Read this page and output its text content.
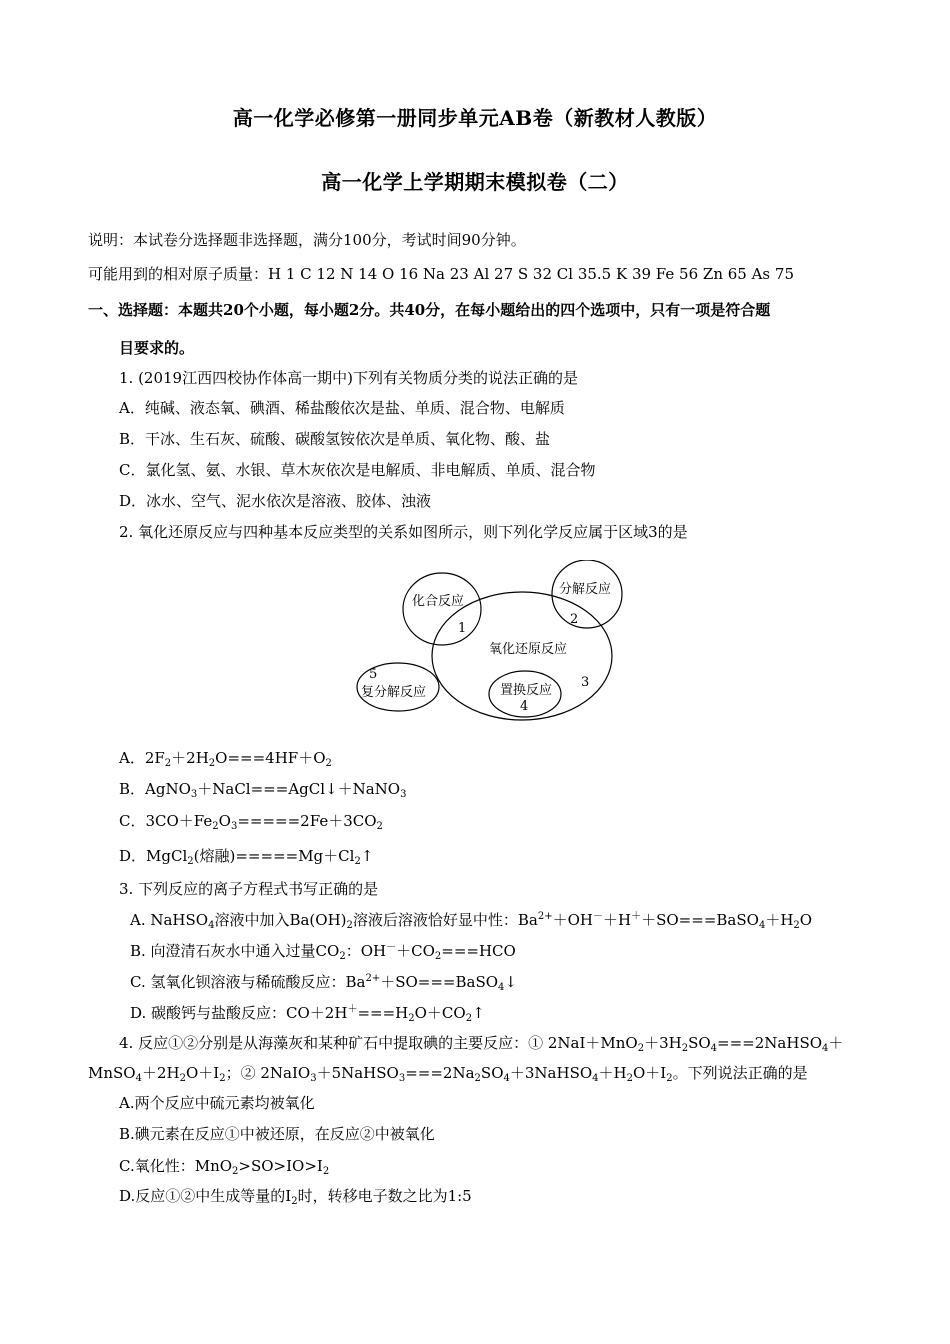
高一化学必修第一册同步单元AB卷（新教材人教版）
高一化学上学期期末模拟卷（二）
说明：本试卷分选择题非选择题，满分100分，考试时间90分钟。
可能用到的相对原子质量：H 1 C 12 N 14 O 16 Na 23 Al 27 S 32 Cl 35.5 K 39 Fe 56 Zn 65 As 75
一、选择题：本题共20个小题，每小题2分。共40分，在每小题给出的四个选项中，只有一项是符合题
目要求的。
1. (2019江西四校协作体高一期中)下列有关物质分类的说法正确的是
A．纯碱、液态氧、碘酒、稀盐酸依次是盐、单质、混合物、电解质
B．干冰、生石灰、硫酸、碳酸氢铵依次是单质、氧化物、酸、盐
C．氯化氢、氨、水银、草木灰依次是电解质、非电解质、单质、混合物
D．冰水、空气、泥水依次是溶液、胶体、浊液
2. 氧化还原反应与四种基本反应类型的关系如图所示，则下列化学反应属于区域3的是
化合反应
分解反应
氧化还原反应
复分解反应	置换反应
1
2
3
4
5
A．$2F_2+2H_2O===4HF+O_2$
B．AgNO$_3$＋NaCl===AgCl↓＋NaNO$_3$
C．$3CO+Fe_2O_3=====2Fe+3CO_2$
D．MgCl$_2$(熔融)$=====Mg+Cl_2↑$
3. 下列反应的离子方程式书写正确的是
A. NaHSO$_4$溶液中加入$Ba(OH)_2$溶液后溶液恰好显中性：$Ba^{2+}+OH^-+H^++SO===BaSO_4+H_2O$
B. 向澄清石灰水中通入过量$CO_2$：$OH^-+CO_2===HCO$
C. 氢氧化钡溶液与稀硫酸反应：$Ba^{2+}+SO===BaSO_4↓$
D. 碳酸钙与盐酸反应：$CO+2H^+===H_2O+CO_2↑$
4. 反应①②分别是从海藻灰和某种矿石中提取碘的主要反应：① $2NaI+MnO_2+3H_2SO_4===2NaHSO_4+$
$MnSO_4+2H_2O+I_2$；② $2NaIO_3+5NaHSO_3===2Na_2SO_4+3NaHSO_4+H_2O+I_2$。下列说法正确的是
A.两个反应中硫元素均被氧化
B.碘元素在反应①中被还原，在反应②中被氧化
C.氧化性：$MnO_2>SO>IO>I_2$
D.反应①②中生成等量的$I_2$时，转移电子数之比为1:5
